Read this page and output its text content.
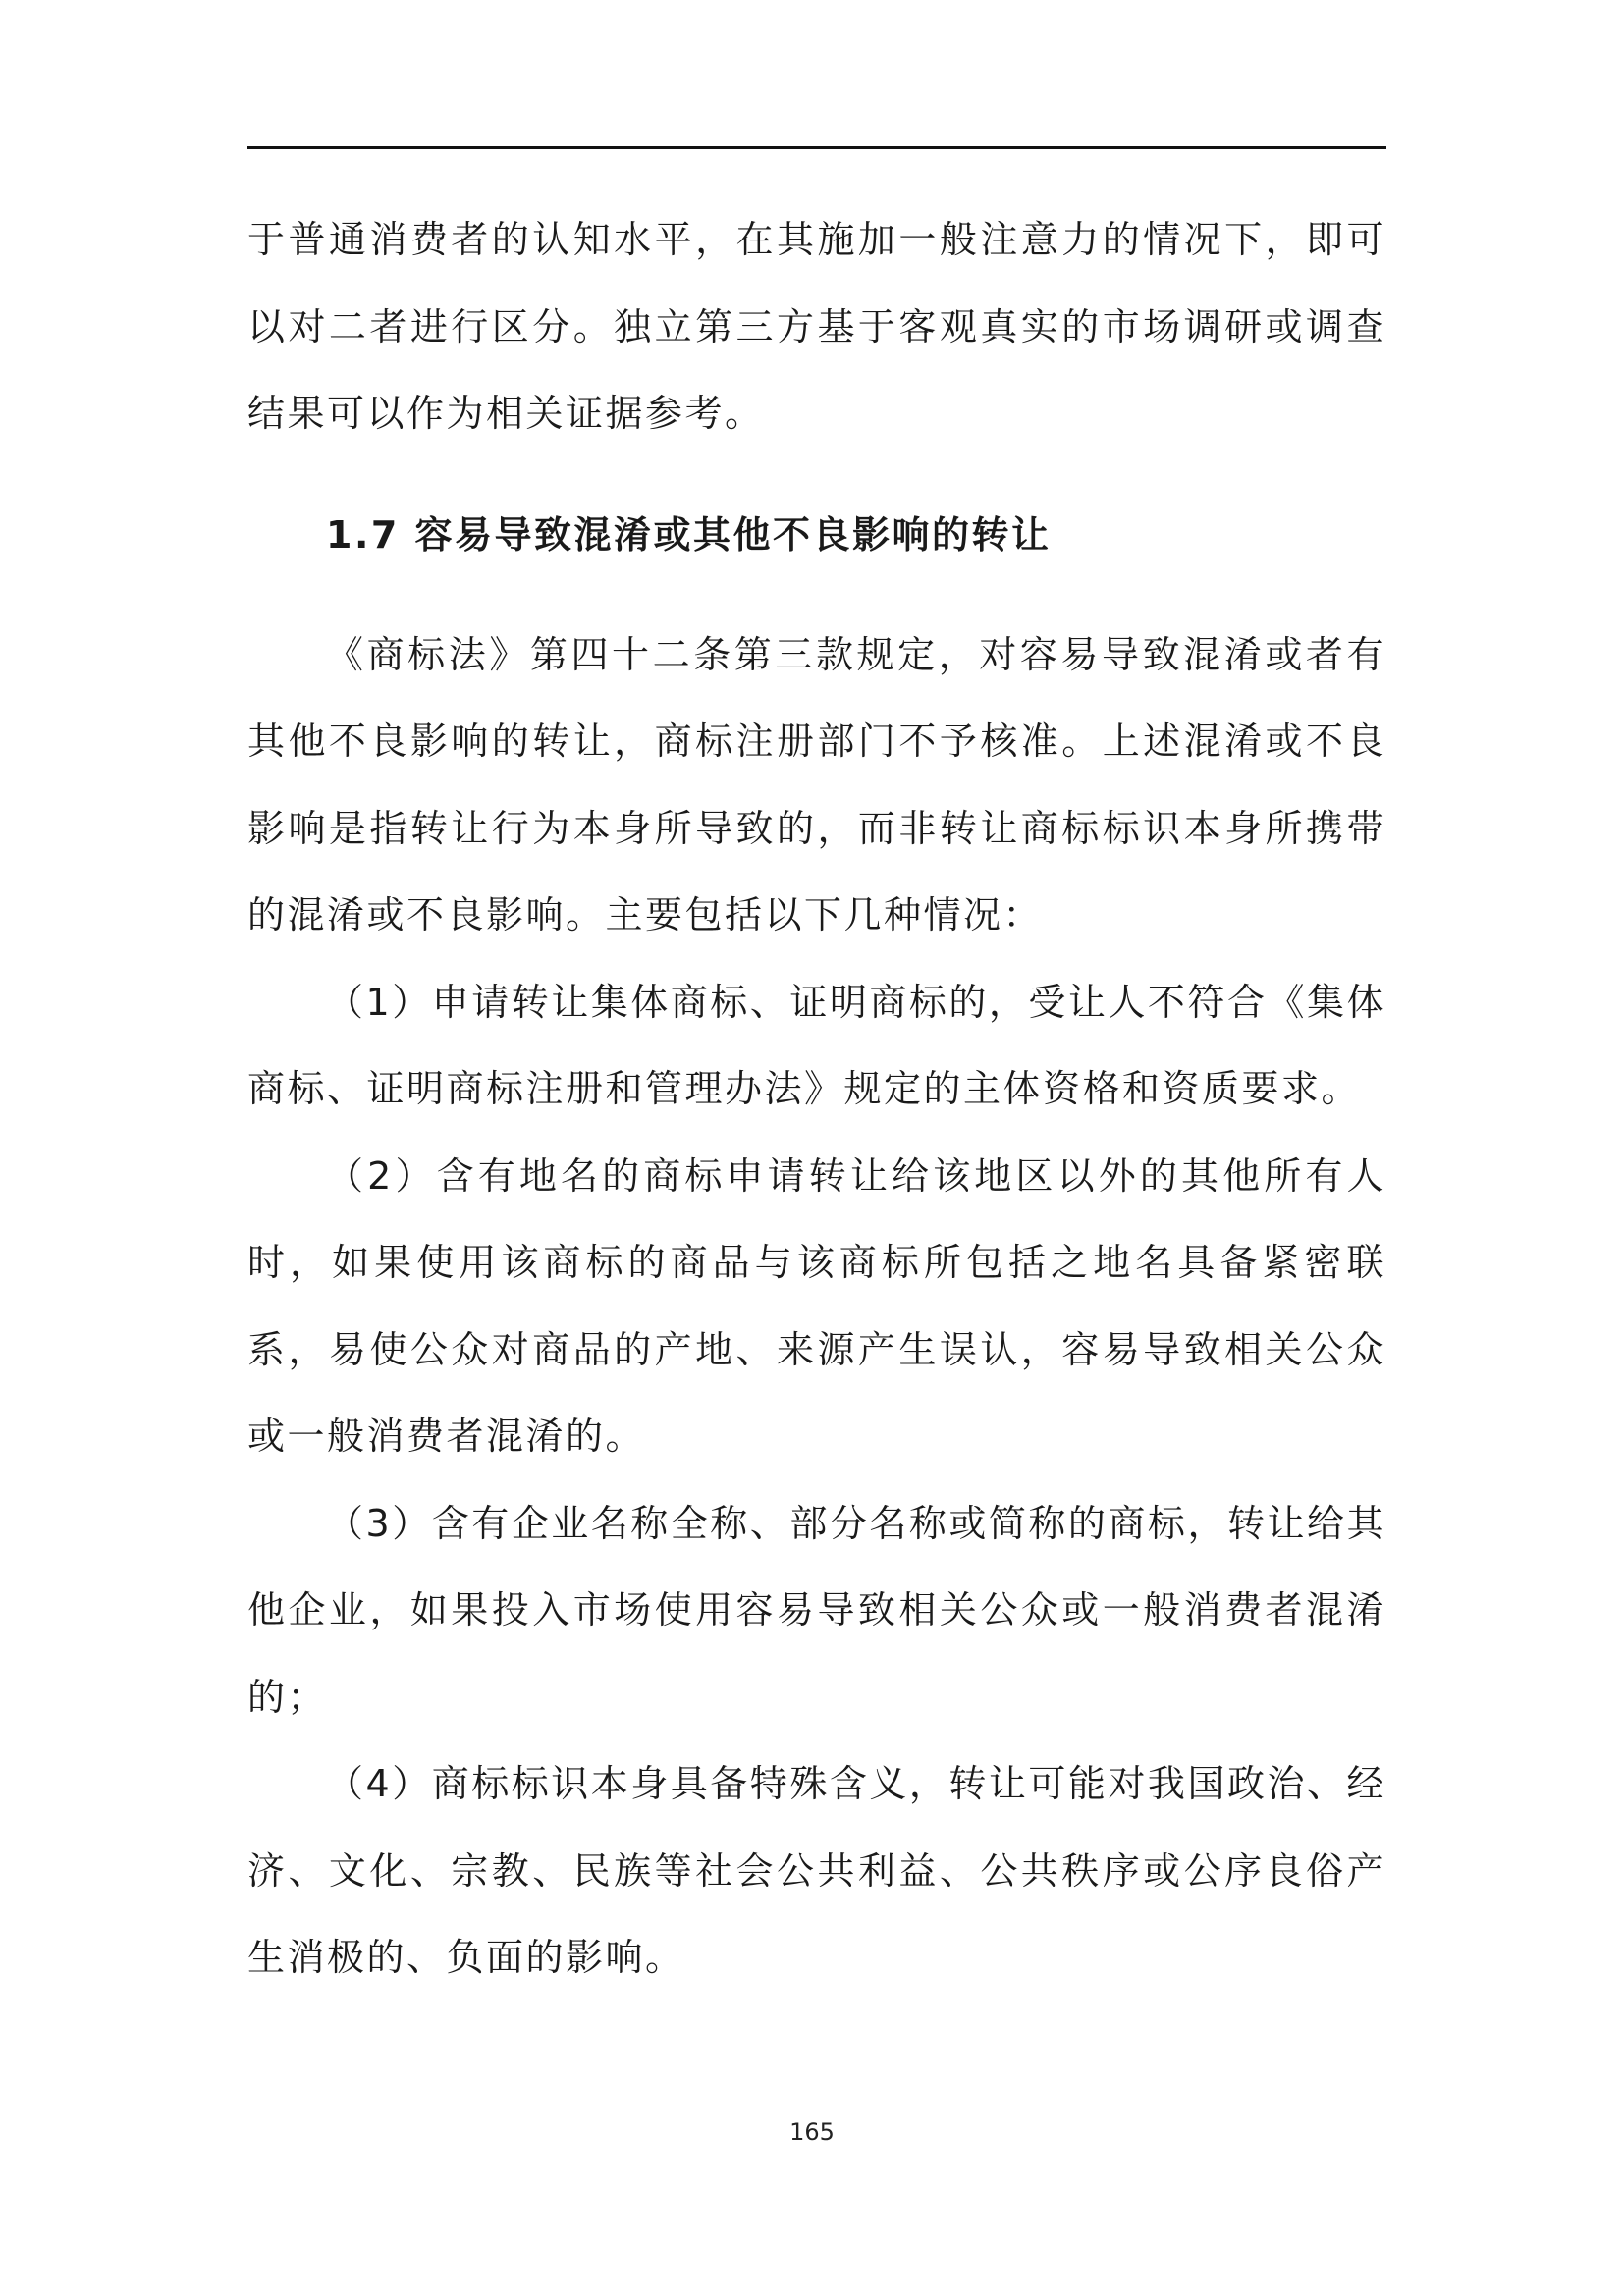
于普通消费者的认知水平，在其施加一般注意力的情况下，即可以对二者进行区分。独立第三方基于客观真实的市场调研或调查结果可以作为相关证据参考。

1.7 容易导致混淆或其他不良影响的转让

《商标法》第四十二条第三款规定，对容易导致混淆或者有其他不良影响的转让，商标注册部门不予核准。上述混淆或不良影响是指转让行为本身所导致的，而非转让商标标识本身所携带的混淆或不良影响。主要包括以下几种情况：

（1）申请转让集体商标、证明商标的，受让人不符合《集体商标、证明商标注册和管理办法》规定的主体资格和资质要求。

（2）含有地名的商标申请转让给该地区以外的其他所有人时，如果使用该商标的商品与该商标所包括之地名具备紧密联系，易使公众对商品的产地、来源产生误认，容易导致相关公众或一般消费者混淆的。

（3）含有企业名称全称、部分名称或简称的商标，转让给其他企业，如果投入市场使用容易导致相关公众或一般消费者混淆的；

（4）商标标识本身具备特殊含义，转让可能对我国政治、经济、文化、宗教、民族等社会公共利益、公共秩序或公序良俗产生消极的、负面的影响。

165
